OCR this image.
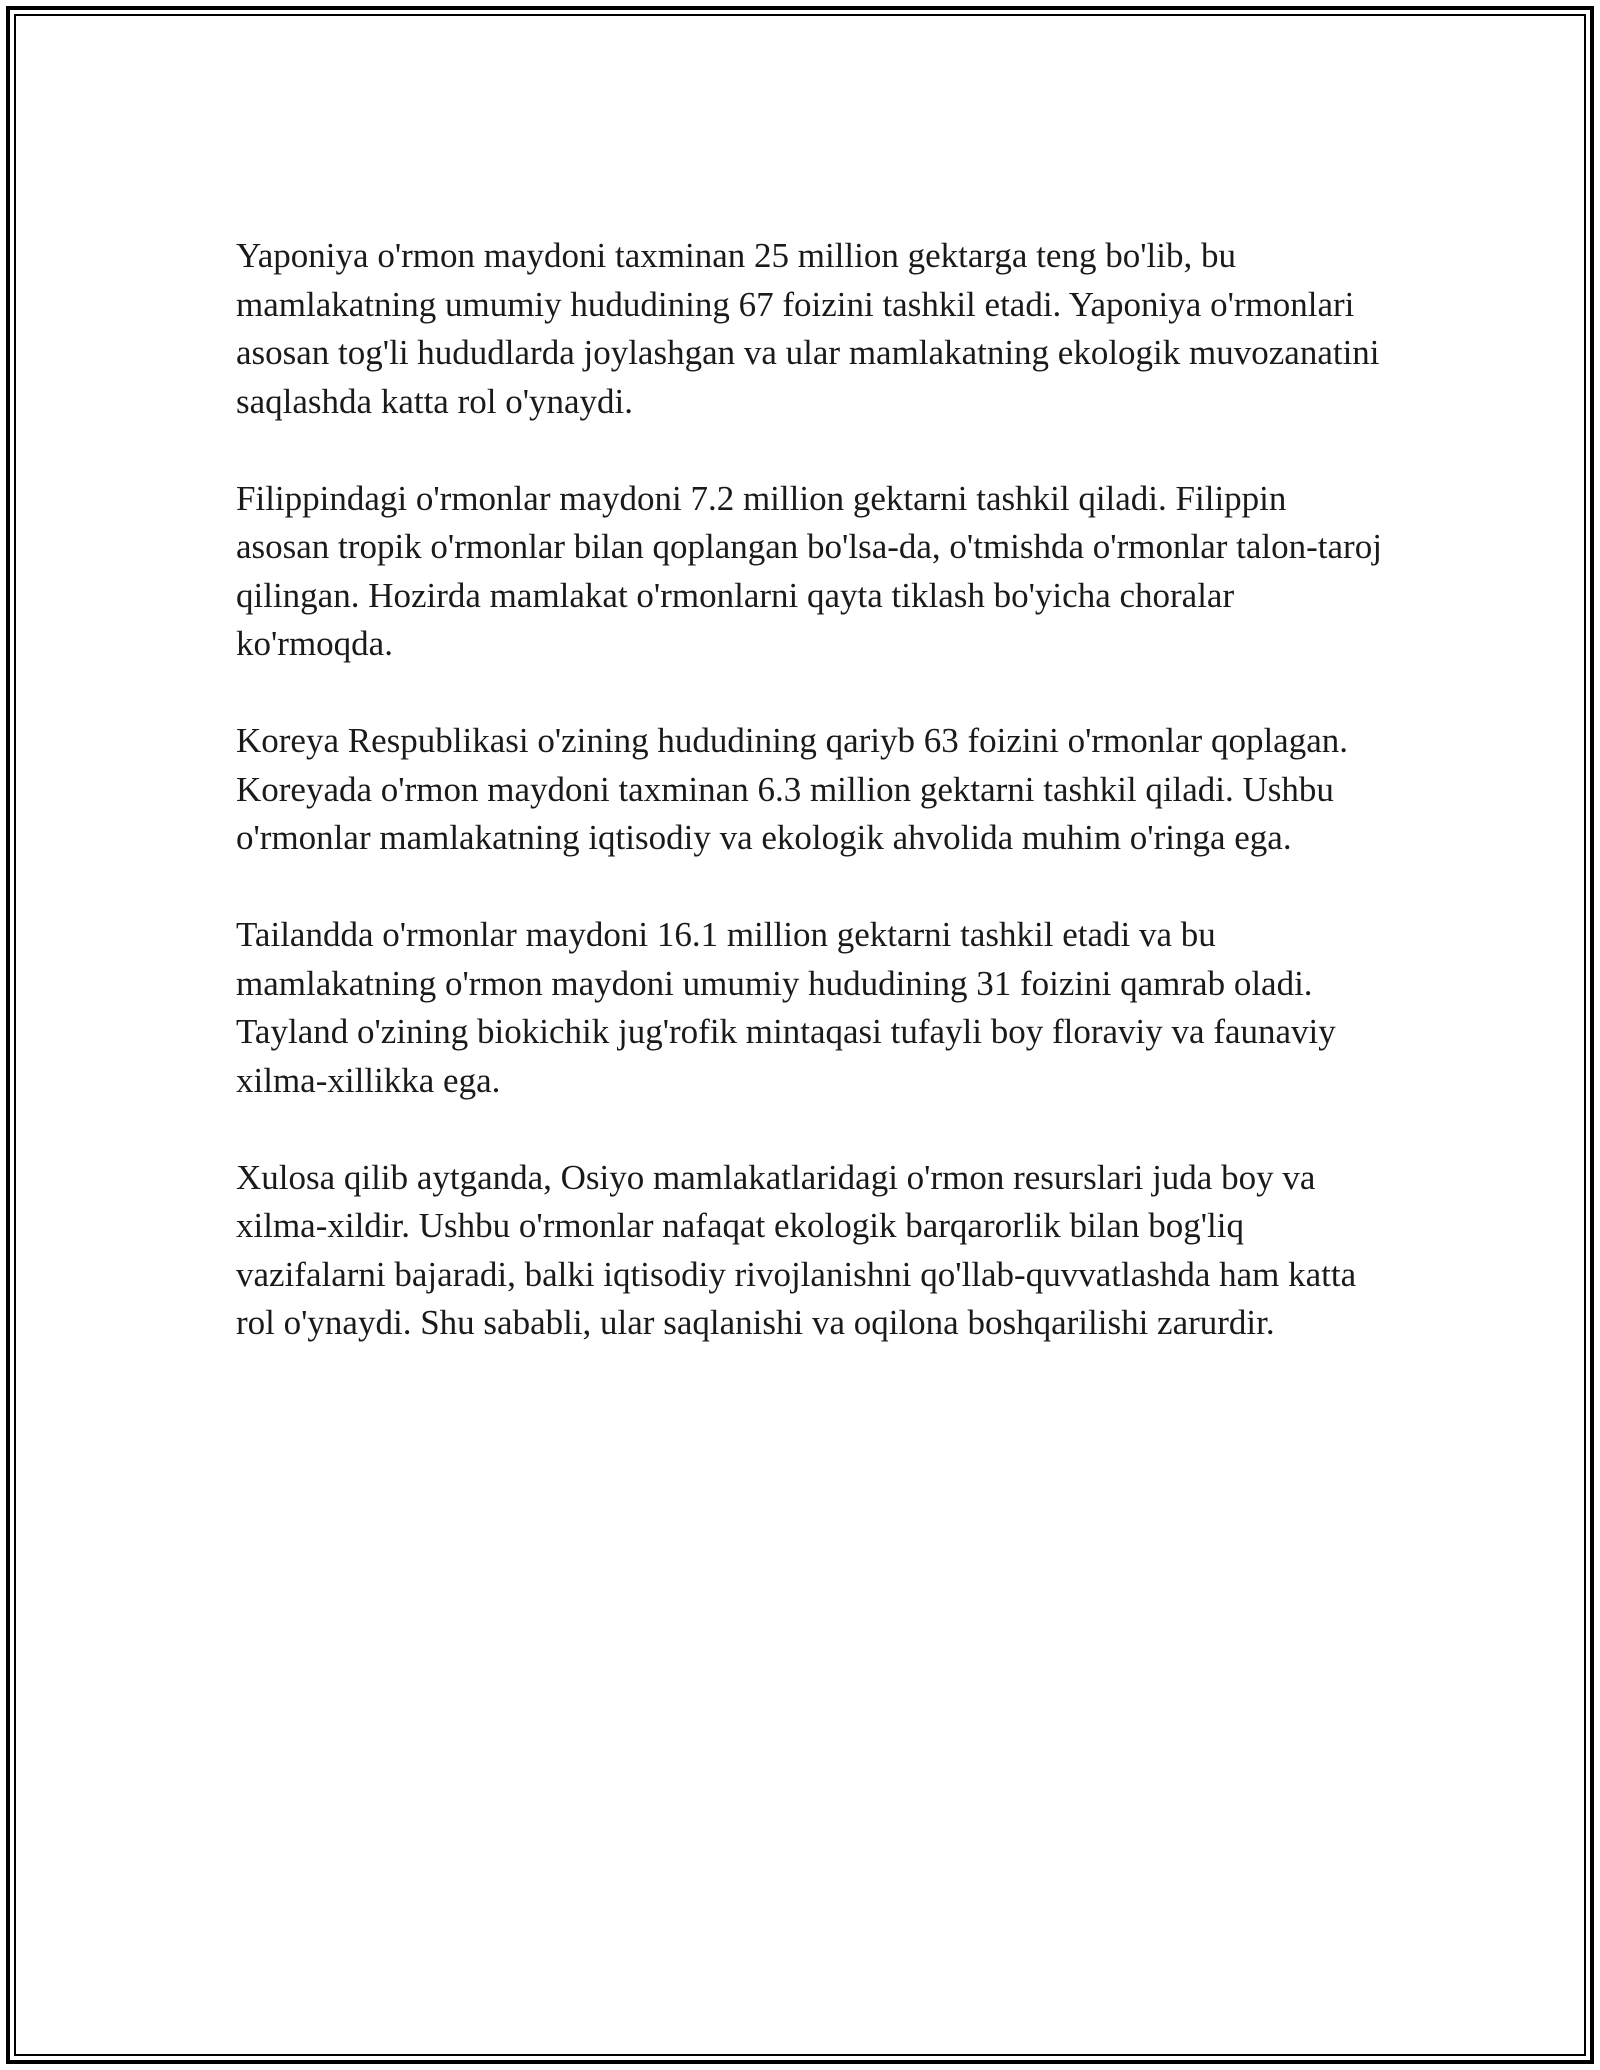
Yaponiya o'rmon maydoni taxminan 25 million gektarga teng bo'lib, bu mamlakatning umumiy hududining 67 foizini tashkil etadi. Yaponiya o'rmonlari asosan tog'li hududlarda joylashgan va ular mamlakatning ekologik muvozanatini saqlashda katta rol o'ynaydi.

Filippindagi o'rmonlar maydoni 7.2 million gektarni tashkil qiladi. Filippin asosan tropik o'rmonlar bilan qoplangan bo'lsa-da, o'tmishda o'rmonlar talon-taroj qilingan. Hozirda mamlakat o'rmonlarni qayta tiklash bo'yicha choralar ko'rmoqda.

Koreya Respublikasi o'zining hududining qariyb 63 foizini o'rmonlar qoplagan. Koreyada o'rmon maydoni taxminan 6.3 million gektarni tashkil qiladi. Ushbu o'rmonlar mamlakatning iqtisodiy va ekologik ahvolida muhim o'ringa ega.

Tailandda o'rmonlar maydoni 16.1 million gektarni tashkil etadi va bu mamlakatning o'rmon maydoni umumiy hududining 31 foizini qamrab oladi. Tayland o'zining biokichik jug'rofik mintaqasi tufayli boy floraviy va faunaviy xilma-xillikka ega.

Xulosa qilib aytganda, Osiyo mamlakatlaridagi o'rmon resurslari juda boy va xilma-xildir. Ushbu o'rmonlar nafaqat ekologik barqarorlik bilan bog'liq vazifalarni bajaradi, balki iqtisodiy rivojlanishni qo'llab-quvvatlashda ham katta rol o'ynaydi. Shu sababli, ular saqlanishi va oqilona boshqarilishi zarurdir.
